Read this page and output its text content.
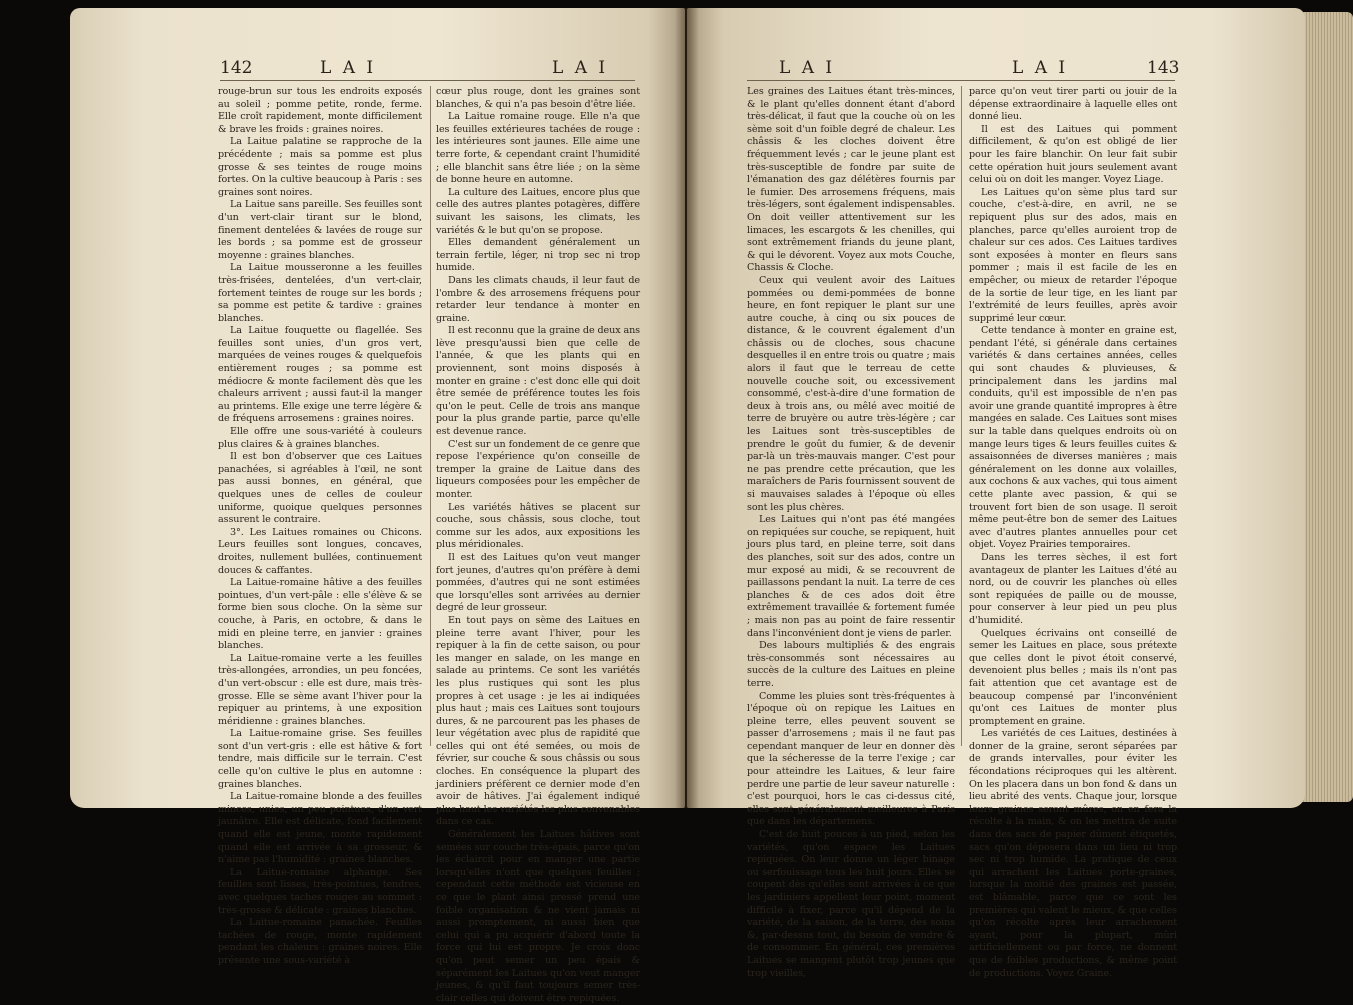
142	L A I	L A I

rouge-brun sur tous les endroits exposés au soleil ; pomme petite, ronde, ferme. Elle croît rapidement, monte difficilement & brave les froids : graines noires.

La Laitue palatine se rapproche de la précédente ; mais sa pomme est plus grosse & ses teintes de rouge moins fortes. On la cultive beaucoup à Paris : ses graines sont noires.

La Laitue sans pareille. Ses feuilles sont d'un vert-clair tirant sur le blond, finement dentelées & lavées de rouge sur les bords ; sa pomme est de grosseur moyenne : graines blanches.

La Laitue mousseronne a les feuilles très-frisées, dentelées, d'un vert-clair, fortement teintes de rouge sur les bords ; sa pomme est petite & tardive : graines blanches.

La Laitue fouquette ou flagellée. Ses feuilles sont unies, d'un gros vert, marquées de veines rouges & quelquefois entièrement rouges ; sa pomme est médiocre & monte facilement dès que les chaleurs arrivent ; aussi faut-il la manger au printems. Elle exige une terre légère & de fréquens arrosemens : graines noires.

Elle offre une sous-variété à couleurs plus claires & à graines blanches.

Il est bon d'observer que ces Laitues panachées, si agréables à l'œil, ne sont pas aussi bonnes, en général, que quelques unes de celles de couleur uniforme, quoique quelques personnes assurent le contraire.

3°. Les Laitues romaines ou Chicons. Leurs feuilles sont longues, concaves, droites, nullement bullées, continuement douces & caffantes.

La Laitue-romaine hâtive a des feuilles pointues, d'un vert-pâle : elle s'élève & se forme bien sous cloche. On la sème sur couche, à Paris, en octobre, & dans le midi en pleine terre, en janvier : graines blanches.

La Laitue-romaine verte a les feuilles très-allongées, arrondies, un peu foncées, d'un vert-obscur : elle est dure, mais très-grosse. Elle se sème avant l'hiver pour la repiquer au printems, à une exposition méridienne : graines blanches.

La Laitue-romaine grise. Ses feuilles sont d'un vert-gris : elle est hâtive & fort tendre, mais difficile sur le terrain. C'est celle qu'on cultive le plus en automne : graines blanches.

La Laitue-romaine blonde a des feuilles minces, unies, un peu pointues, d'un vert jaunâtre. Elle est délicate, fond facilement quand elle est jeune, monte rapidement quand elle est arrivée à sa grosseur, & n'aime pas l'humidité : graines blanches.

La Laitue-romaine alphange. Ses feuilles sont lisses, très-pointues, tendres, avec quelques taches rouges au sommet : très-grosse & délicate : graines blanches.

La Laitue-romaine panachée. Feuilles tachées de rouge, monte rapidement pendant les chaleurs : graines noires. Elle présente une sous-variété à

cœur plus rouge, dont les graines sont blanches, & qui n'a pas besoin d'être liée.

La Laitue romaine rouge. Elle n'a que les feuilles extérieures tachées de rouge : les intérieures sont jaunes. Elle aime une terre forte, & cependant craint l'humidité ; elle blanchit sans être liée ; on la sème de bonne heure en automne.

La culture des Laitues, encore plus que celle des autres plantes potagères, diffère suivant les saisons, les climats, les variétés & le but qu'on se propose.

Elles demandent généralement un terrain fertile, léger, ni trop sec ni trop humide.

Dans les climats chauds, il leur faut de l'ombre & des arrosemens fréquens pour retarder leur tendance à monter en graine.

Il est reconnu que la graine de deux ans lève presqu'aussi bien que celle de l'année, & que les plants qui en proviennent, sont moins disposés à monter en graine : c'est donc elle qui doit être semée de préférence toutes les fois qu'on le peut. Celle de trois ans manque pour la plus grande partie, parce qu'elle est devenue rance.

C'est sur un fondement de ce genre que repose l'expérience qu'on conseille de tremper la graine de Laitue dans des liqueurs composées pour les empêcher de monter.

Les variétés hâtives se placent sur couche, sous châssis, sous cloche, tout comme sur les ados, aux expositions les plus méridionales.

Il est des Laitues qu'on veut manger fort jeunes, d'autres qu'on préfère à demi pommées, d'autres qui ne sont estimées que lorsqu'elles sont arrivées au dernier degré de leur grosseur.

En tout pays on sème des Laitues en pleine terre avant l'hiver, pour les repiquer à la fin de cette saison, ou pour les manger en salade, on les mange en salade au printems. Ce sont les variétés les plus rustiques qui sont les plus propres à cet usage : je les ai indiquées plus haut ; mais ces Laitues sont toujours dures, & ne parcourent pas les phases de leur végétation avec plus de rapidité que celles qui ont été semées, ou mois de février, sur couche & sous châssis ou sous cloches. En conséquence la plupart des jardiniers préfèrent ce dernier mode d'en avoir de hâtives. J'ai également indiqué plus haut les variétés les plus convenables dans ce cas.

Généralement les Laitues hâtives sont semées sur couche très-épais, parce qu'on les éclaircit pour en manger une partie lorsqu'elles n'ont que quelques feuilles ; cependant cette méthode est vicieuse en ce que le plant ainsi pressé prend une foible organisation & ne vient jamais ni aussi promptement, ni aussi bien que celui qui a pu acquérir d'abord toute la force qui lui est propre. Je crois donc qu'on peut semer un peu épais & séparément les Laitues qu'on veut manger jeunes, & qu'il faut toujours semer très-clair celles qui doivent être repiquées.

L A I	L A I	143

Les graines des Laitues étant très-minces, & le plant qu'elles donnent étant d'abord très-délicat, il faut que la couche où on les sème soit d'un foible degré de chaleur. Les châssis & les cloches doivent être fréquemment levés ; car le jeune plant est très-susceptible de fondre par suite de l'émanation des gaz délétères fournis par le fumier. Des arrosemens fréquens, mais très-légers, sont également indispensables. On doit veiller attentivement sur les limaces, les escargots & les chenilles, qui sont extrêmement friands du jeune plant, & qui le dévorent. Voyez aux mots Couche, Chassis & Cloche.

Ceux qui veulent avoir des Laitues pommées ou demi-pommées de bonne heure, en font repiquer le plant sur une autre couche, à cinq ou six pouces de distance, & le couvrent également d'un châssis ou de cloches, sous chacune desquelles il en entre trois ou quatre ; mais alors il faut que le terreau de cette nouvelle couche soit, ou excessivement consommé, c'est-à-dire d'une formation de deux à trois ans, ou mêlé avec moitié de terre de bruyère ou autre très-légère ; car les Laitues sont très-susceptibles de prendre le goût du fumier, & de devenir par-là un très-mauvais manger. C'est pour ne pas prendre cette précaution, que les maraîchers de Paris fournissent souvent de si mauvaises salades à l'époque où elles sont les plus chères.

Les Laitues qui n'ont pas été mangées on repiquées sur couche, se repiquent, huit jours plus tard, en pleine terre, soit dans des planches, soit sur des ados, contre un mur exposé au midi, & se recouvrent de paillassons pendant la nuit. La terre de ces planches & de ces ados doit être extrêmement travaillée & fortement fumée ; mais non pas au point de faire ressentir dans l'inconvénient dont je viens de parler.

Des labours multipliés & des engrais très-consommés sont nécessaires au succès de la culture des Laitues en pleine terre.

Comme les pluies sont très-fréquentes à l'époque où on repique les Laitues en pleine terre, elles peuvent souvent se passer d'arrosemens ; mais il ne faut pas cependant manquer de leur en donner dès que la sécheresse de la terre l'exige ; car pour atteindre les Laitues, & leur faire perdre une partie de leur saveur naturelle : c'est pourquoi, hors le cas ci-dessus cité, elles sont généralement meilleures à Paris que dans les départemens.

C'est de huit pouces à un pied, selon les variétés, qu'on espace les Laitues repiquées. On leur donne un léger binage ou serfouissage tous les huit jours. Elles se coupent dès qu'elles sont arrivées à ce que les jardiniers appellent leur point, moment difficile à fixer, parce qu'il dépend de la variété, de la saison, de la terre, des soins &, par-dessus tout, du besoin de vendre & de consommer. En général, ces premières Laitues se mangent plutôt trop jeunes que trop vieilles,

parce qu'on veut tirer parti ou jouir de la dépense extraordinaire à laquelle elles ont donné lieu.

Il est des Laitues qui pomment difficilement, & qu'on est obligé de lier pour les faire blanchir. On leur fait subir cette opération huit jours seulement avant celui où on doit les manger. Voyez Liage.

Les Laitues qu'on sème plus tard sur couche, c'est-à-dire, en avril, ne se repiquent plus sur des ados, mais en planches, parce qu'elles auroient trop de chaleur sur ces ados. Ces Laitues tardives sont exposées à monter en fleurs sans pommer ; mais il est facile de les en empêcher, ou mieux de retarder l'époque de la sortie de leur tige, en les liant par l'extrémité de leurs feuilles, après avoir supprimé leur cœur.

Cette tendance à monter en graine est, pendant l'été, si générale dans certaines variétés & dans certaines années, celles qui sont chaudes & pluvieuses, & principalement dans les jardins mal conduits, qu'il est impossible de n'en pas avoir une grande quantité impropres à être mangées en salade. Ces Laitues sont mises sur la table dans quelques endroits où on mange leurs tiges & leurs feuilles cuites & assaisonnées de diverses manières ; mais généralement on les donne aux volailles, aux cochons & aux vaches, qui tous aiment cette plante avec passion, & qui se trouvent fort bien de son usage. Il seroit même peut-être bon de semer des Laitues avec d'autres plantes annuelles pour cet objet. Voyez Prairies temporaires.

Dans les terres sèches, il est fort avantageux de planter les Laitues d'été au nord, ou de couvrir les planches où elles sont repiquées de paille ou de mousse, pour conserver à leur pied un peu plus d'humidité.

Quelques écrivains ont conseillé de semer les Laitues en place, sous prétexte que celles dont le pivot étoit conservé, devenoient plus belles ; mais ils n'ont pas fait attention que cet avantage est de beaucoup compensé par l'inconvénient qu'ont ces Laitues de monter plus promptement en graine.

Les variétés de ces Laitues, destinées à donner de la graine, seront séparées par de grands intervalles, pour éviter les fécondations réciproques qui les altèrent. On les placera dans un bon fond & dans un lieu abrité des vents. Chaque jour, lorsque leurs graines seront mûres, on en fera la récolte à la main, & on les mettra de suite dans des sacs de papier dûment étiquetés, sacs qu'on déposera dans un lieu ni trop sec ni trop humide. La pratique de ceux qui arrachent les Laitues porte-graines, lorsque la moitié des graines est passée, est blâmable, parce que ce sont les premières qui valent le mieux, & que celles qu'on récolte après leur arrachement ayant, pour la plupart, mûri artificiellement ou par force, ne donnent que de foibles productions, & même point de productions. Voyez Graine.
